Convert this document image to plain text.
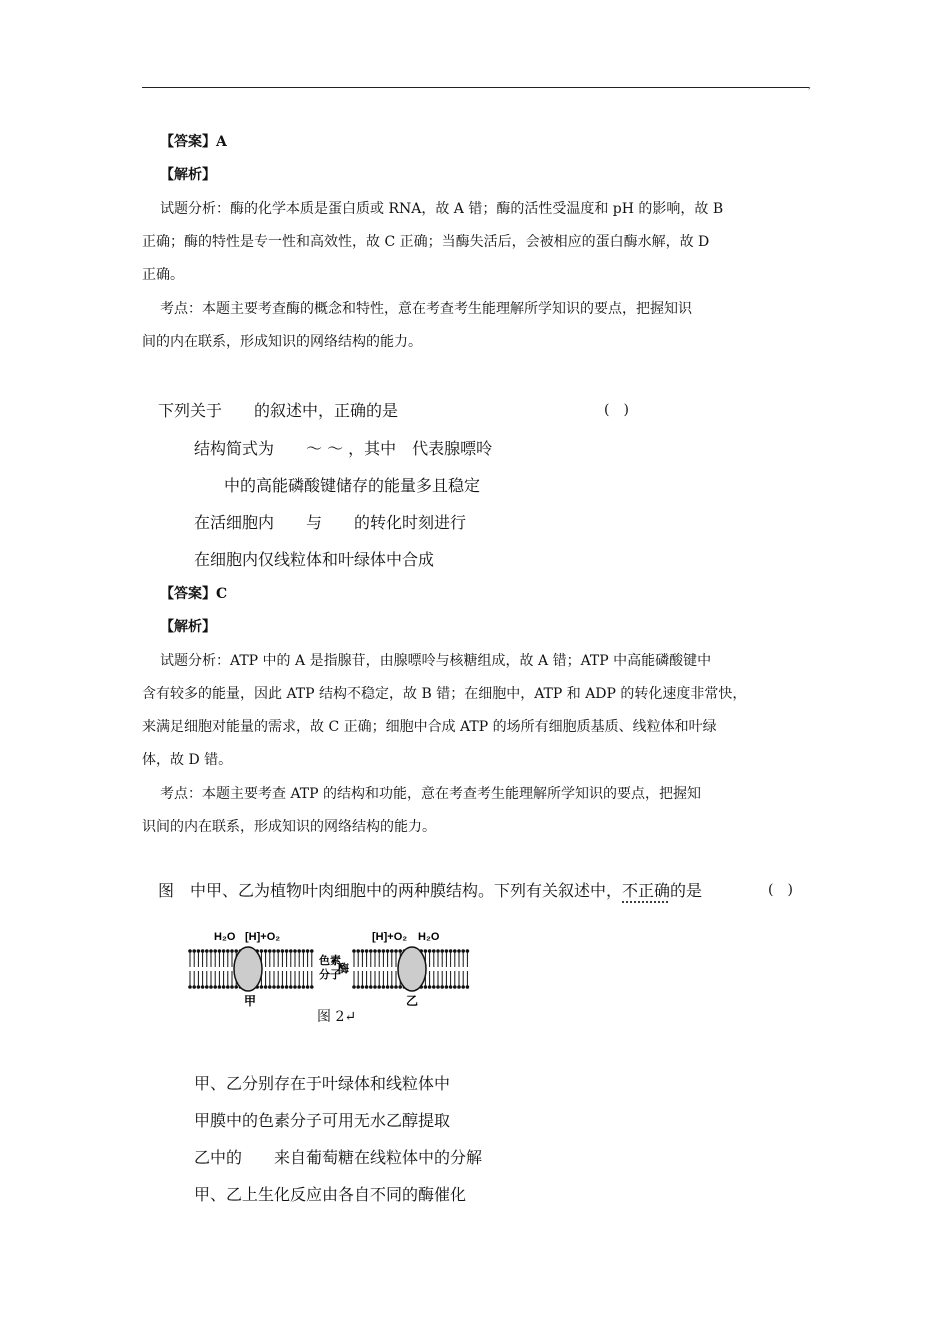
,
【答案】A
【解析】
试题分析：酶的化学本质是蛋白质或 RNA，故 A 错；酶的活性受温度和 pH 的影响，故 B
正确；酶的特性是专一性和高效性，故 C 正确；当酶失活后，会被相应的蛋白酶水解，故 D
正确。
考点：本题主要考查酶的概念和特性，意在考查考生能理解所学知识的要点，把握知识
间的内在联系，形成知识的网络结构的能力。
下列关于　　的叙述中，正确的是	(　)
结构简式为　　～ ～ ，其中　代表腺嘌呤
中的高能磷酸键储存的能量多且稳定
在活细胞内　　与　　的转化时刻进行
在细胞内仅线粒体和叶绿体中合成
【答案】C
【解析】
试题分析：ATP 中的 A 是指腺苷，由腺嘌呤与核糖组成，故 A 错；ATP 中高能磷酸键中
含有较多的能量，因此 ATP 结构不稳定，故 B 错；在细胞中，ATP 和 ADP 的转化速度非常快，
来满足细胞对能量的需求，故 C 正确；细胞中合成 ATP 的场所有细胞质基质、线粒体和叶绿
体，故 D 错。
考点：本题主要考查 ATP 的结构和功能，意在考查考生能理解所学知识的要点，把握知
识间的内在联系，形成知识的网络结构的能力。
图　中甲、乙为植物叶肉细胞中的两种膜结构。下列有关叙述中，不正确的是	(　)
H₂O [H]+O₂	[H]+O₂ H₂O
色素
分子
酶
甲	乙
图 2↵
甲、乙分别存在于叶绿体和线粒体中
甲膜中的色素分子可用无水乙醇提取
乙中的　　来自葡萄糖在线粒体中的分解
甲、乙上生化反应由各自不同的酶催化
